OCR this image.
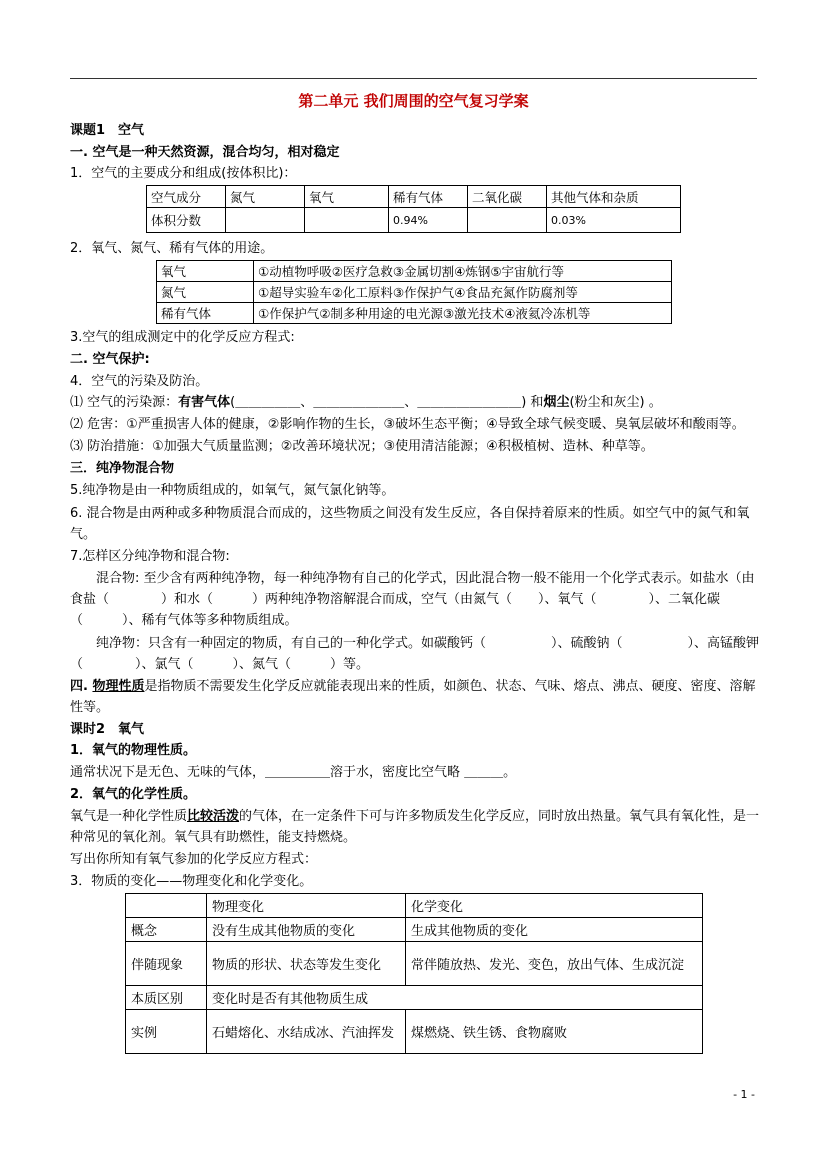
第二单元 我们周围的空气复习学案
课题1　空气
一. 空气是一种天然资源，混合均匀，相对稳定
1．空气的主要成分和组成(按体积比)：
空气成分	氮气	氧气	稀有气体	二氧化碳	其他气体和杂质
体积分数			0.94%		0.03%
2．氧气、氮气、稀有气体的用途。
氧气	①动植物呼吸②医疗急救③金属切割④炼钢⑤宇宙航行等
氮气	①超导实验车②化工原料③作保护气④食品充氮作防腐剂等
稀有气体	①作保护气②制多种用途的电光源③激光技术④液氦冷冻机等
3.空气的组成测定中的化学反应方程式:
二. 空气保护:
4．空气的污染及防治。
⑴ 空气的污染源：有害气体(＿＿＿＿＿、＿＿＿＿＿＿＿、＿＿＿＿＿＿＿＿) 和烟尘(粉尘和灰尘) 。
⑵ 危害：①严重损害人体的健康，②影响作物的生长，③破坏生态平衡；④导致全球气候变暖、臭氧层破坏和酸雨等。
⑶ 防治措施：①加强大气质量监测；②改善环境状况；③使用清洁能源；④积极植树、造林、种草等。
三．纯净物混合物
5.纯净物是由一种物质组成的，如氧气，氮气氯化钠等。
6. 混合物是由两种或多种物质混合而成的，这些物质之间没有发生反应，各自保持着原来的性质。如空气中的氮气和氧气。
7.怎样区分纯净物和混合物:
　　混合物: 至少含有两种纯净物，每一种纯净物有自己的化学式，因此混合物一般不能用一个化学式表示。如盐水（由食盐（　　　　）和水（　　　）两种纯净物溶解混合而成，空气（由氮气（　　）、氧气（　　　　）、二氧化碳（　　　）、稀有气体等多种物质组成。
　　纯净物：只含有一种固定的物质，有自己的一种化学式。如碳酸钙（　　　　　）、硫酸钠（　　　　　）、高锰酸钾（　　　　）、氯气（　　　）、氮气（　　　）等。
四. 物理性质是指物质不需要发生化学反应就能表现出来的性质，如颜色、状态、气味、熔点、沸点、硬度、密度、溶解性等。
课时2　氧气
1．氧气的物理性质。
通常状况下是无色、无味的气体，＿＿＿＿＿溶于水，密度比空气略 ＿＿＿。
2．氧气的化学性质。
氧气是一种化学性质比较活泼的气体，在一定条件下可与许多物质发生化学反应，同时放出热量。氧气具有氧化性，是一种常见的氧化剂。氧气具有助燃性，能支持燃烧。
写出你所知有氧气参加的化学反应方程式：
3．物质的变化——物理变化和化学变化。
	物理变化	化学变化
概念	没有生成其他物质的变化	生成其他物质的变化
伴随现象	物质的形状、状态等发生变化	常伴随放热、发光、变色，放出气体、生成沉淀
本质区别	变化时是否有其他物质生成	
实例	石蜡熔化、水结成冰、汽油挥发	煤燃烧、铁生锈、食物腐败
- 1 -
